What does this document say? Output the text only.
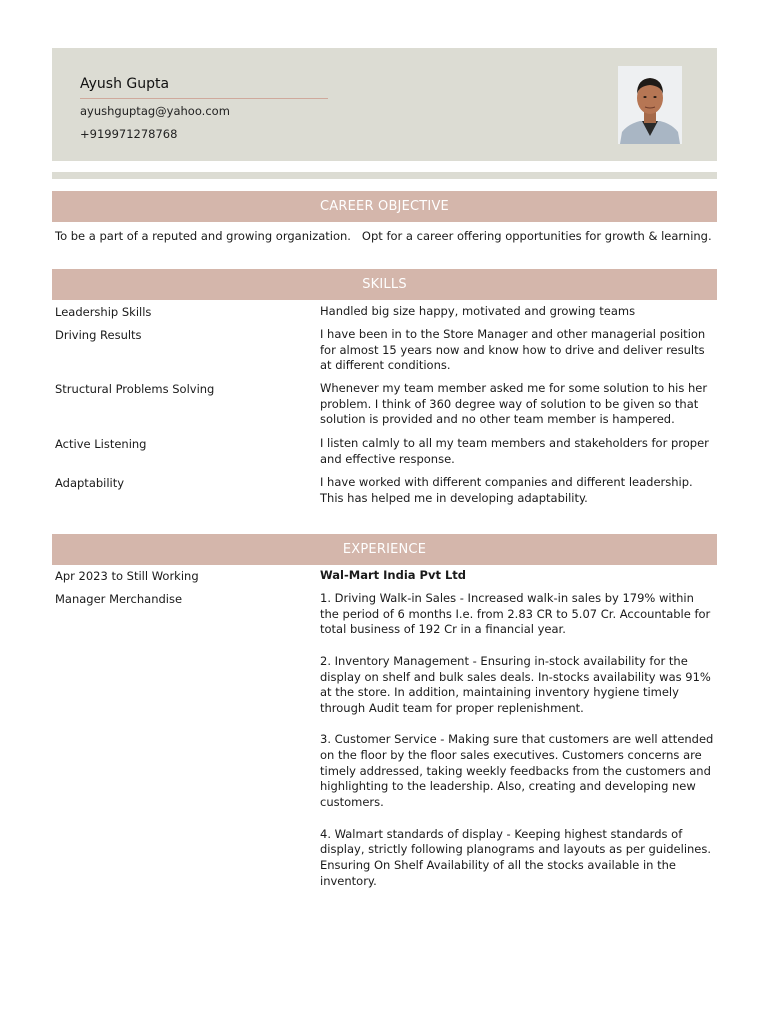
Ayush Gupta
ayushguptag@yahoo.com
+919971278768
CAREER OBJECTIVE
To be a part of a reputed and growing organization.   Opt for a career offering opportunities for growth & learning.
SKILLS
Leadership Skills	Handled big size happy, motivated and growing teams
Driving Results	I have been in to the Store Manager and other managerial position for almost 15 years now and know how to drive and deliver results at different conditions.
Structural Problems Solving	Whenever my team member asked me for some solution to his her problem. I think of 360 degree way of solution to be given so that solution is provided and no other team member is hampered.
Active Listening	I listen calmly to all my team members and stakeholders for proper and effective response.
Adaptability	I have worked with different companies and different leadership. This has helped me in developing adaptability.
EXPERIENCE
Apr 2023 to Still Working	Wal-Mart India Pvt Ltd
Manager Merchandise	1. Driving Walk-in Sales - Increased walk-in sales by 179% within the period of 6 months I.e. from 2.83 CR to 5.07 Cr. Accountable for total business of 192 Cr in a financial year.
2. Inventory Management - Ensuring in-stock availability for the display on shelf and bulk sales deals. In-stocks availability was 91% at the store. In addition, maintaining inventory hygiene timely through Audit team for proper replenishment.
3. Customer Service - Making sure that customers are well attended on the floor by the floor sales executives. Customers concerns are timely addressed, taking weekly feedbacks from the customers and highlighting to the leadership. Also, creating and developing new customers.
4. Walmart standards of display - Keeping highest standards of display, strictly following planograms and layouts as per guidelines. Ensuring On Shelf Availability of all the stocks available in the inventory.
